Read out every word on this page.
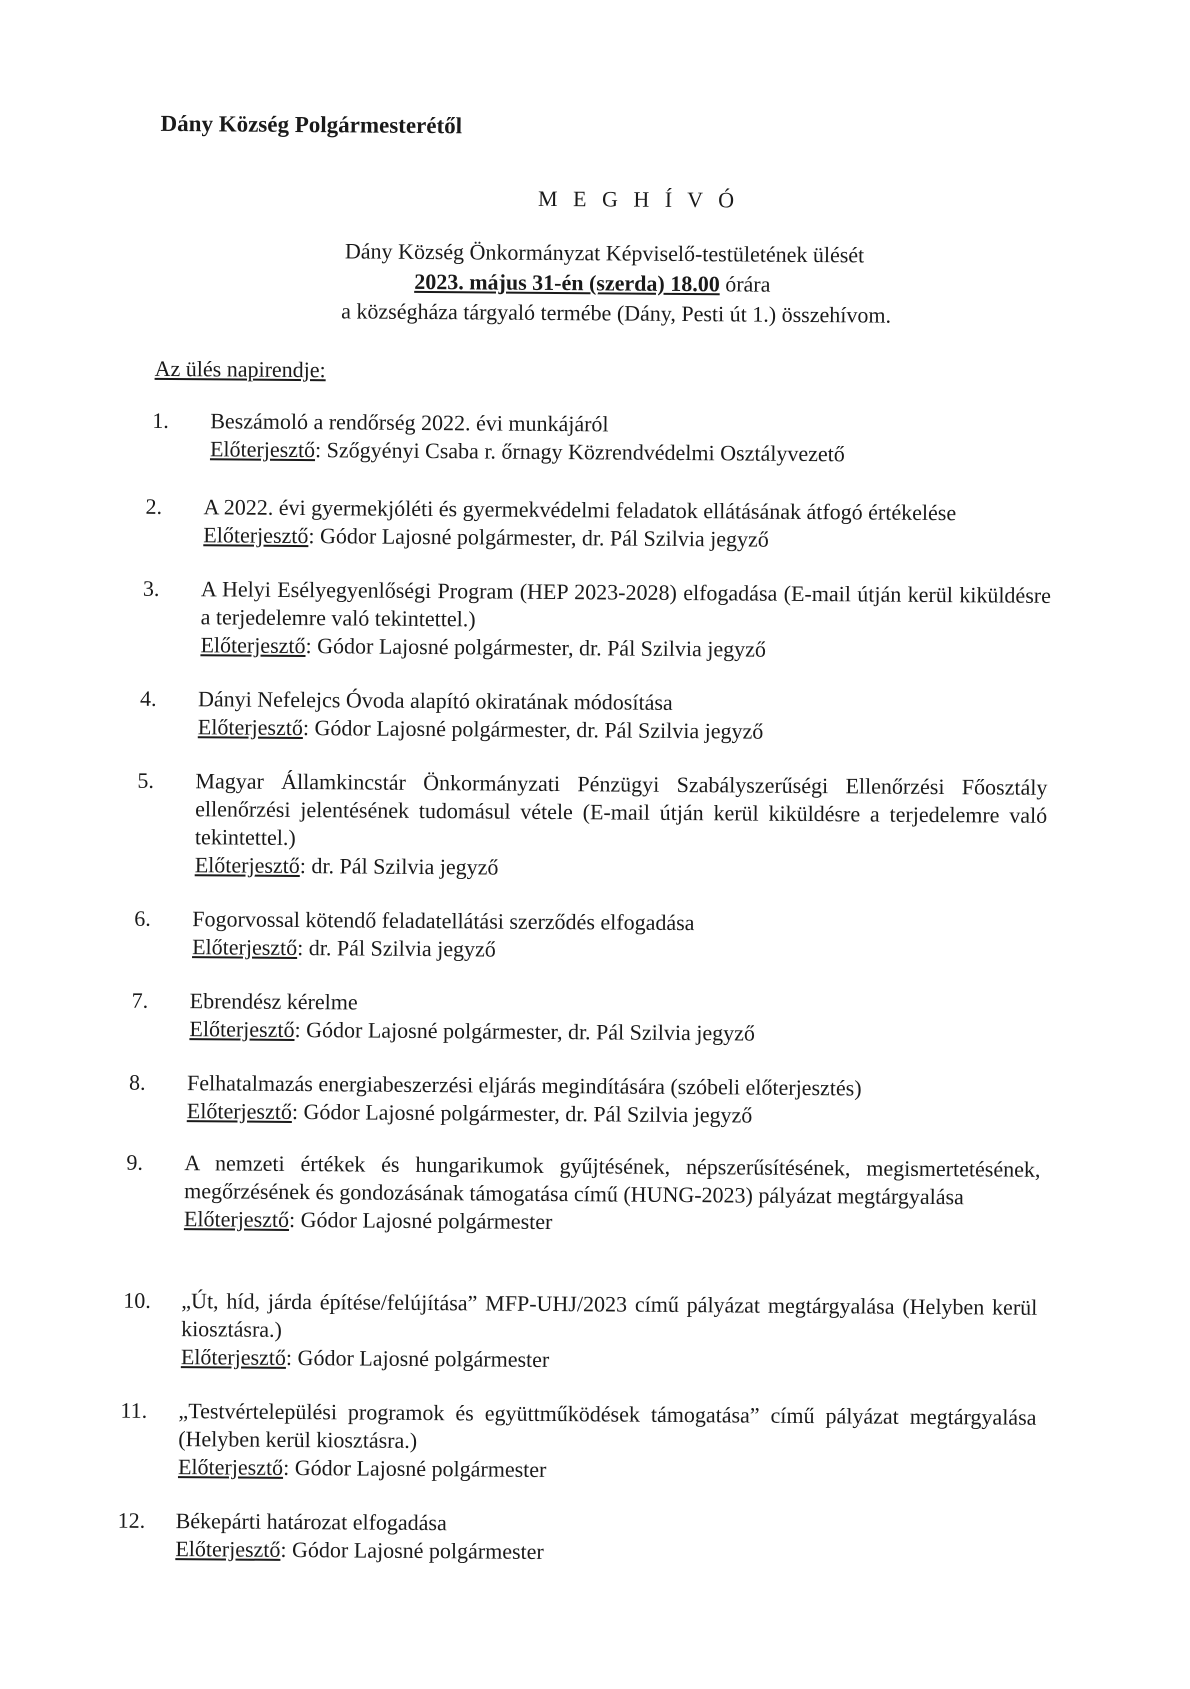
Dány Község Polgármesterétől
M E G H Í V Ó
Dány Község Önkormányzat Képviselő-testületének ülését
2023. május 31-én (szerda) 18.00 órára
a községháza tárgyaló termébe (Dány, Pesti út 1.) összehívom.
Az ülés napirendje:
1. Beszámoló a rendőrség 2022. évi munkájáról
Előterjesztő: Szőgyényi Csaba r. őrnagy Közrendvédelmi Osztályvezető
2. A 2022. évi gyermekjóléti és gyermekvédelmi feladatok ellátásának átfogó értékelése
Előterjesztő: Gódor Lajosné polgármester, dr. Pál Szilvia jegyző
3. A Helyi Esélyegyenlőségi Program (HEP 2023-2028) elfogadása (E-mail útján kerül kiküldésre a terjedelemre való tekintettel.)
Előterjesztő: Gódor Lajosné polgármester, dr. Pál Szilvia jegyző
4. Dányi Nefelejcs Óvoda alapító okiratának módosítása
Előterjesztő: Gódor Lajosné polgármester, dr. Pál Szilvia jegyző
5. Magyar Államkincstár Önkormányzati Pénzügyi Szabályszerűségi Ellenőrzési Főosztály ellenőrzési jelentésének tudomásul vétele (E-mail útján kerül kiküldésre a terjedelemre való tekintettel.)
Előterjesztő: dr. Pál Szilvia jegyző
6. Fogorvossal kötendő feladatellátási szerződés elfogadása
Előterjesztő: dr. Pál Szilvia jegyző
7. Ebrendész kérelme
Előterjesztő: Gódor Lajosné polgármester, dr. Pál Szilvia jegyző
8. Felhatalmazás energiabeszerzési eljárás megindítására (szóbeli előterjesztés)
Előterjesztő: Gódor Lajosné polgármester, dr. Pál Szilvia jegyző
9. A nemzeti értékek és hungarikumok gyűjtésének, népszerűsítésének, megismertetésének, megőrzésének és gondozásának támogatása című (HUNG-2023) pályázat megtárgyalása
Előterjesztő: Gódor Lajosné polgármester
10. „Út, híd, járda építése/felújítása” MFP-UHJ/2023 című pályázat megtárgyalása (Helyben kerül kiosztásra.)
Előterjesztő: Gódor Lajosné polgármester
11. „Testvértelepülési programok és együttműködések támogatása” című pályázat megtárgyalása (Helyben kerül kiosztásra.)
Előterjesztő: Gódor Lajosné polgármester
12. Békepárti határozat elfogadása
Előterjesztő: Gódor Lajosné polgármester
